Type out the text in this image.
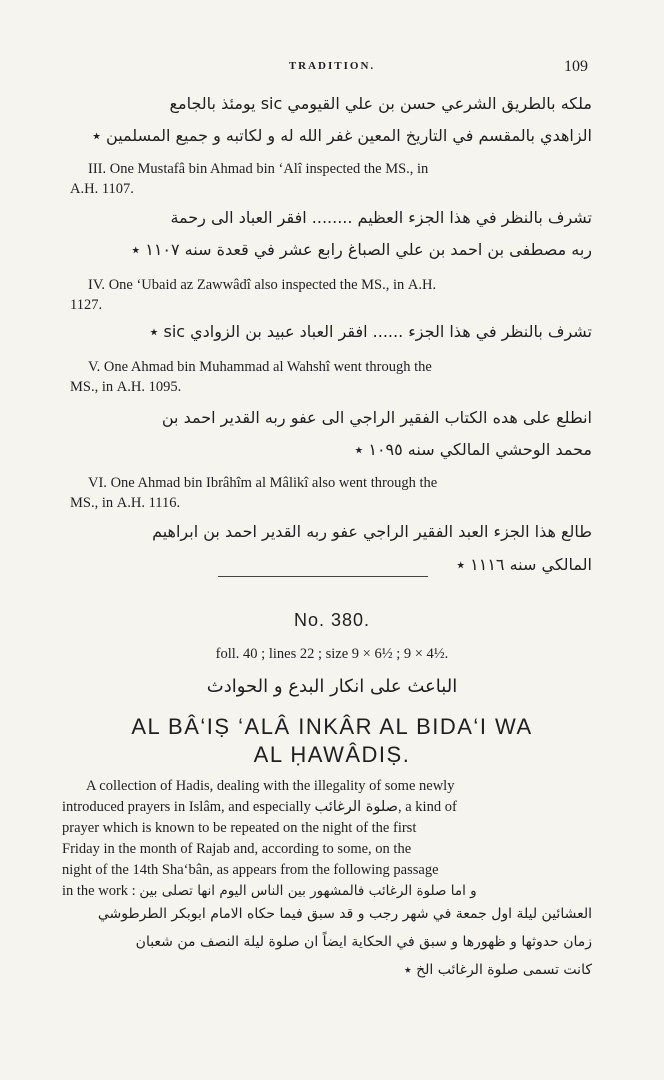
TRADITION.	109
ملكه بالطريق الشرعي حسن بن علي القيومي sic يومئذ بالجامع
الزاهدي بالمقسم في التاريخ المعين غفر الله له و لكاتبه و جميع المسلمين ٭
III. One Mustafâ bin Ahmad bin ‘Alî inspected the MS., in
A.H. 1107.
تشرف بالنظر في هذا الجزء العظيم ........ افقر العباد الى رحمة
ربه مصطفى بن احمد بن علي الصباغ رابع عشر في قعدة سنه ١١٠٧ ٭
IV. One ‘Ubaid az Zawwâdî also inspected the MS., in A.H.
1127.
تشرف بالنظر في هذا الجزء ...... افقر العباد عبيد بن الزوادي sic ٭
V. One Ahmad bin Muhammad al Wahshî went through the
MS., in A.H. 1095.
انطلع على هده الكتاب الفقير الراجي الى عفو ربه القدير احمد بن
محمد الوحشي المالكي سنه ١٠٩٥ ٭
VI. One Ahmad bin Ibrâhîm al Mâlikî also went through the
MS., in A.H. 1116.
طالع هذا الجزء العبد الفقير الراجي عفو ربه القدير احمد بن ابراهيم
المالكي سنه ١١١٦ ٭
No. 380.
foll. 40 ; lines 22 ; size 9 × 6½ ; 9 × 4½.
الباعث على انكار البدع و الحوادث
AL BÂ‘IṢ ‘ALÂ INKÂR AL BIDA‘I WA
AL ḤAWÂDIṢ.
A collection of Hadis, dealing with the illegality of some newly
introduced prayers in Islâm, and especially صلوة الرغائب, a kind of
prayer which is known to be repeated on the night of the first
Friday in the month of Rajab and, according to some, on the
night of the 14th Sha‘bân, as appears from the following passage
in the work : و اما صلوة الرغائب فالمشهور بين الناس اليوم انها تصلى بين
العشائين ليلة اول جمعة في شهر رجب و قد سبق فيما حكاه الامام ابوبكر الطرطوشي
زمان حدوثها و ظهورها و سبق في الحكاية ايضاً ان صلوة ليلة النصف من شعبان
كانت تسمى صلوة الرغائب الخ ٭
